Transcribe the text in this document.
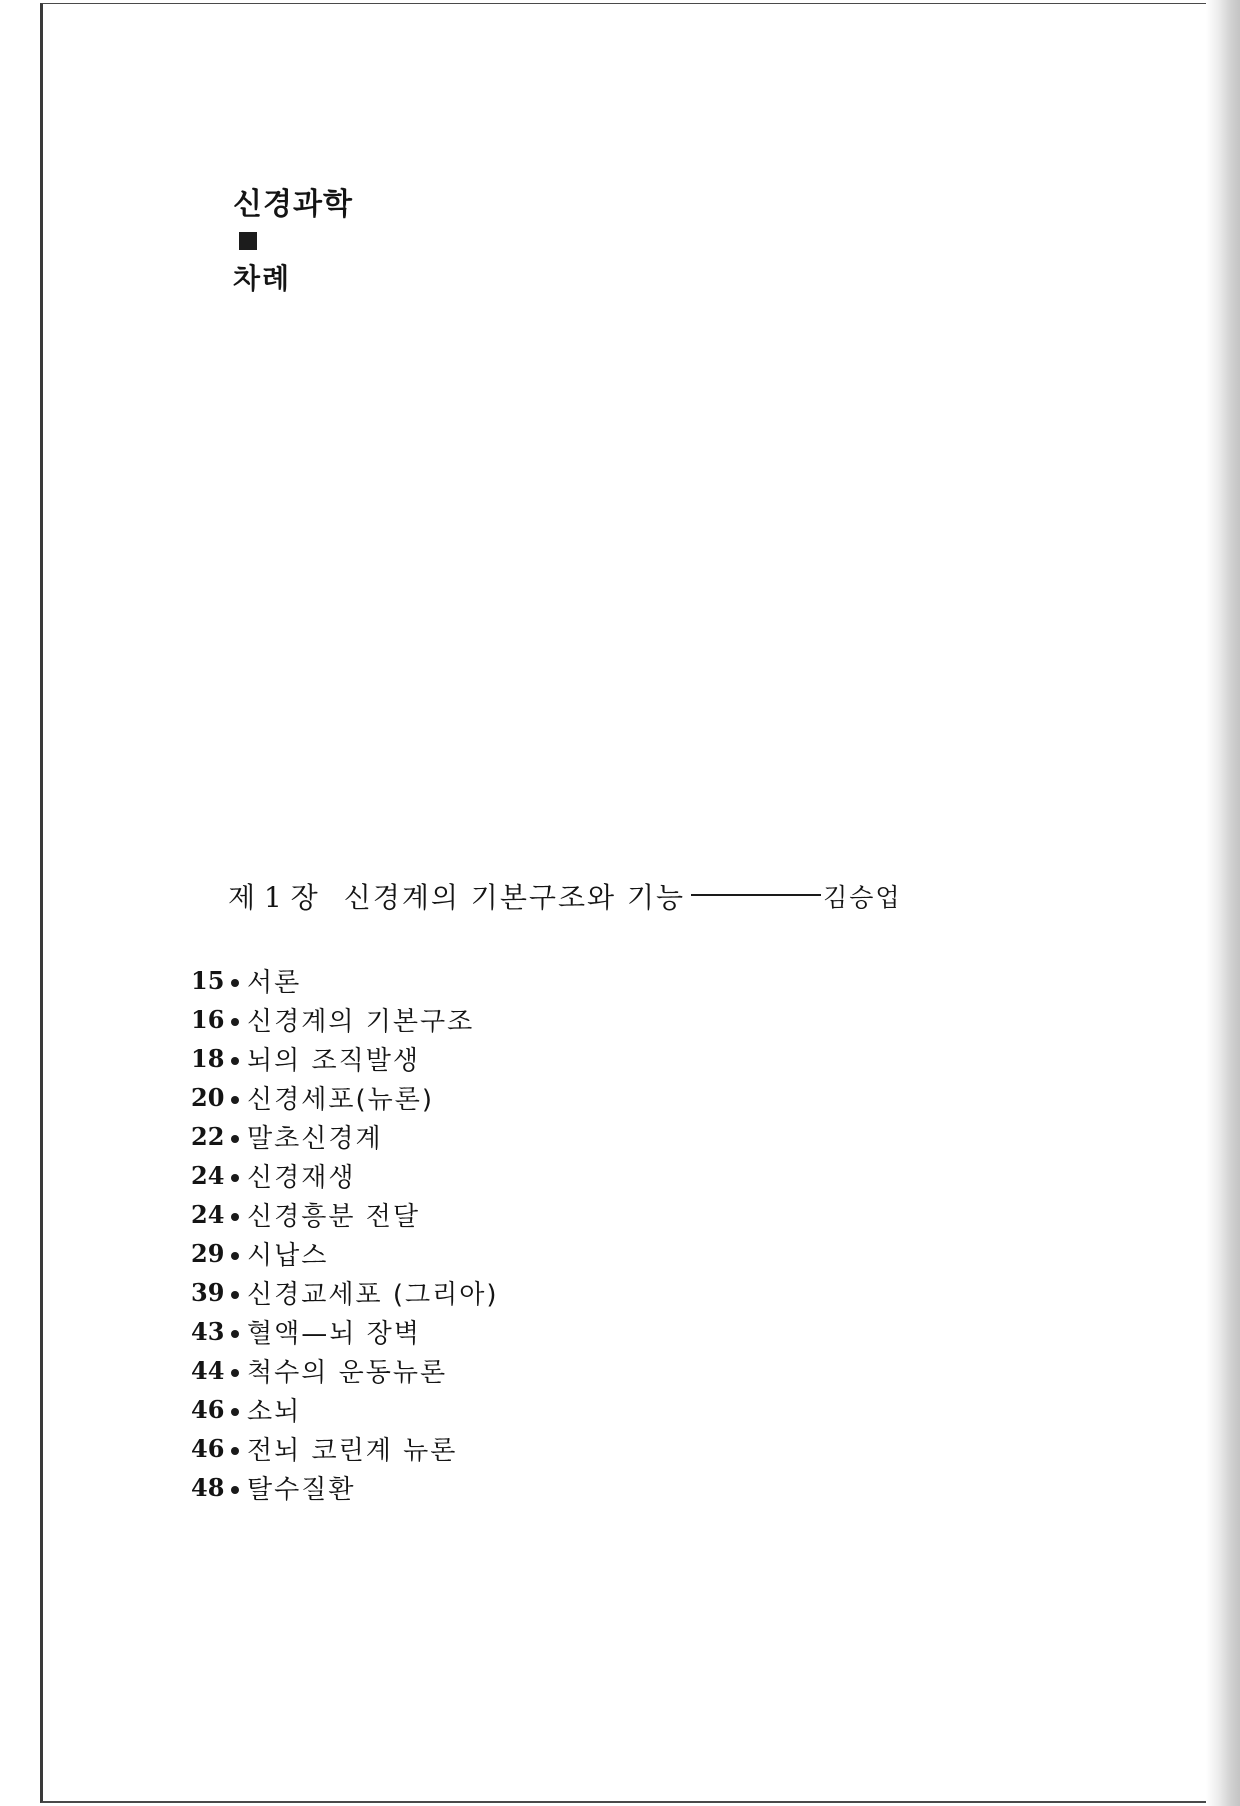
신경과학
차례
제 1 장 신경계의 기본구조와 기능	김승업
15 서론
16 신경계의 기본구조
18 뇌의 조직발생
20 신경세포(뉴론)
22 말초신경계
24 신경재생
24 신경흥분 전달
29 시납스
39 신경교세포 (그리아)
43 혈액—뇌 장벽
44 척수의 운동뉴론
46 소뇌
46 전뇌 코린계 뉴론
48 탈수질환
